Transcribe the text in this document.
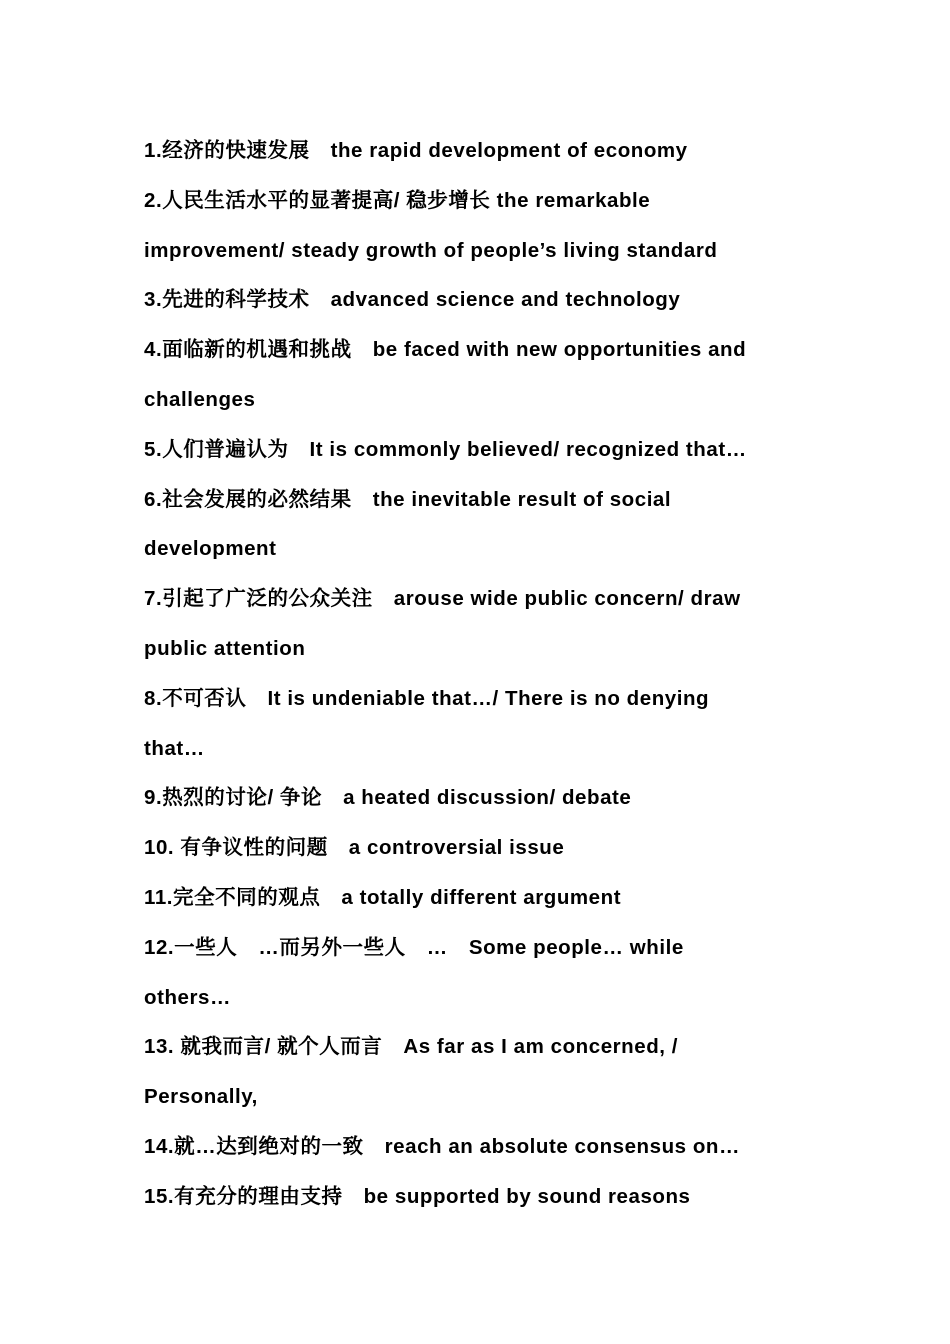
1.经济的快速发展　the rapid development of economy
2.人民生活水平的显著提高/ 稳步增长 the remarkable
improvement/ steady growth of people’s living standard
3.先进的科学技术　advanced science and technology
4.面临新的机遇和挑战　be faced with new opportunities and
challenges
5.人们普遍认为　It is commonly believed/ recognized that…
6.社会发展的必然结果　the inevitable result of social
development
7.引起了广泛的公众关注　arouse wide public concern/ draw
public attention
8.不可否认　It is undeniable that…/ There is no denying
that…
9.热烈的讨论/ 争论　a heated discussion/ debate
10. 有争议性的问题　a controversial issue
11.完全不同的观点　a totally different argument
12.一些人　…而另外一些人　…　Some people… while
others…
13. 就我而言/ 就个人而言　As far as I am concerned, /
Personally,
14.就…达到绝对的一致　reach an absolute consensus on…
15.有充分的理由支持　be supported by sound reasons
